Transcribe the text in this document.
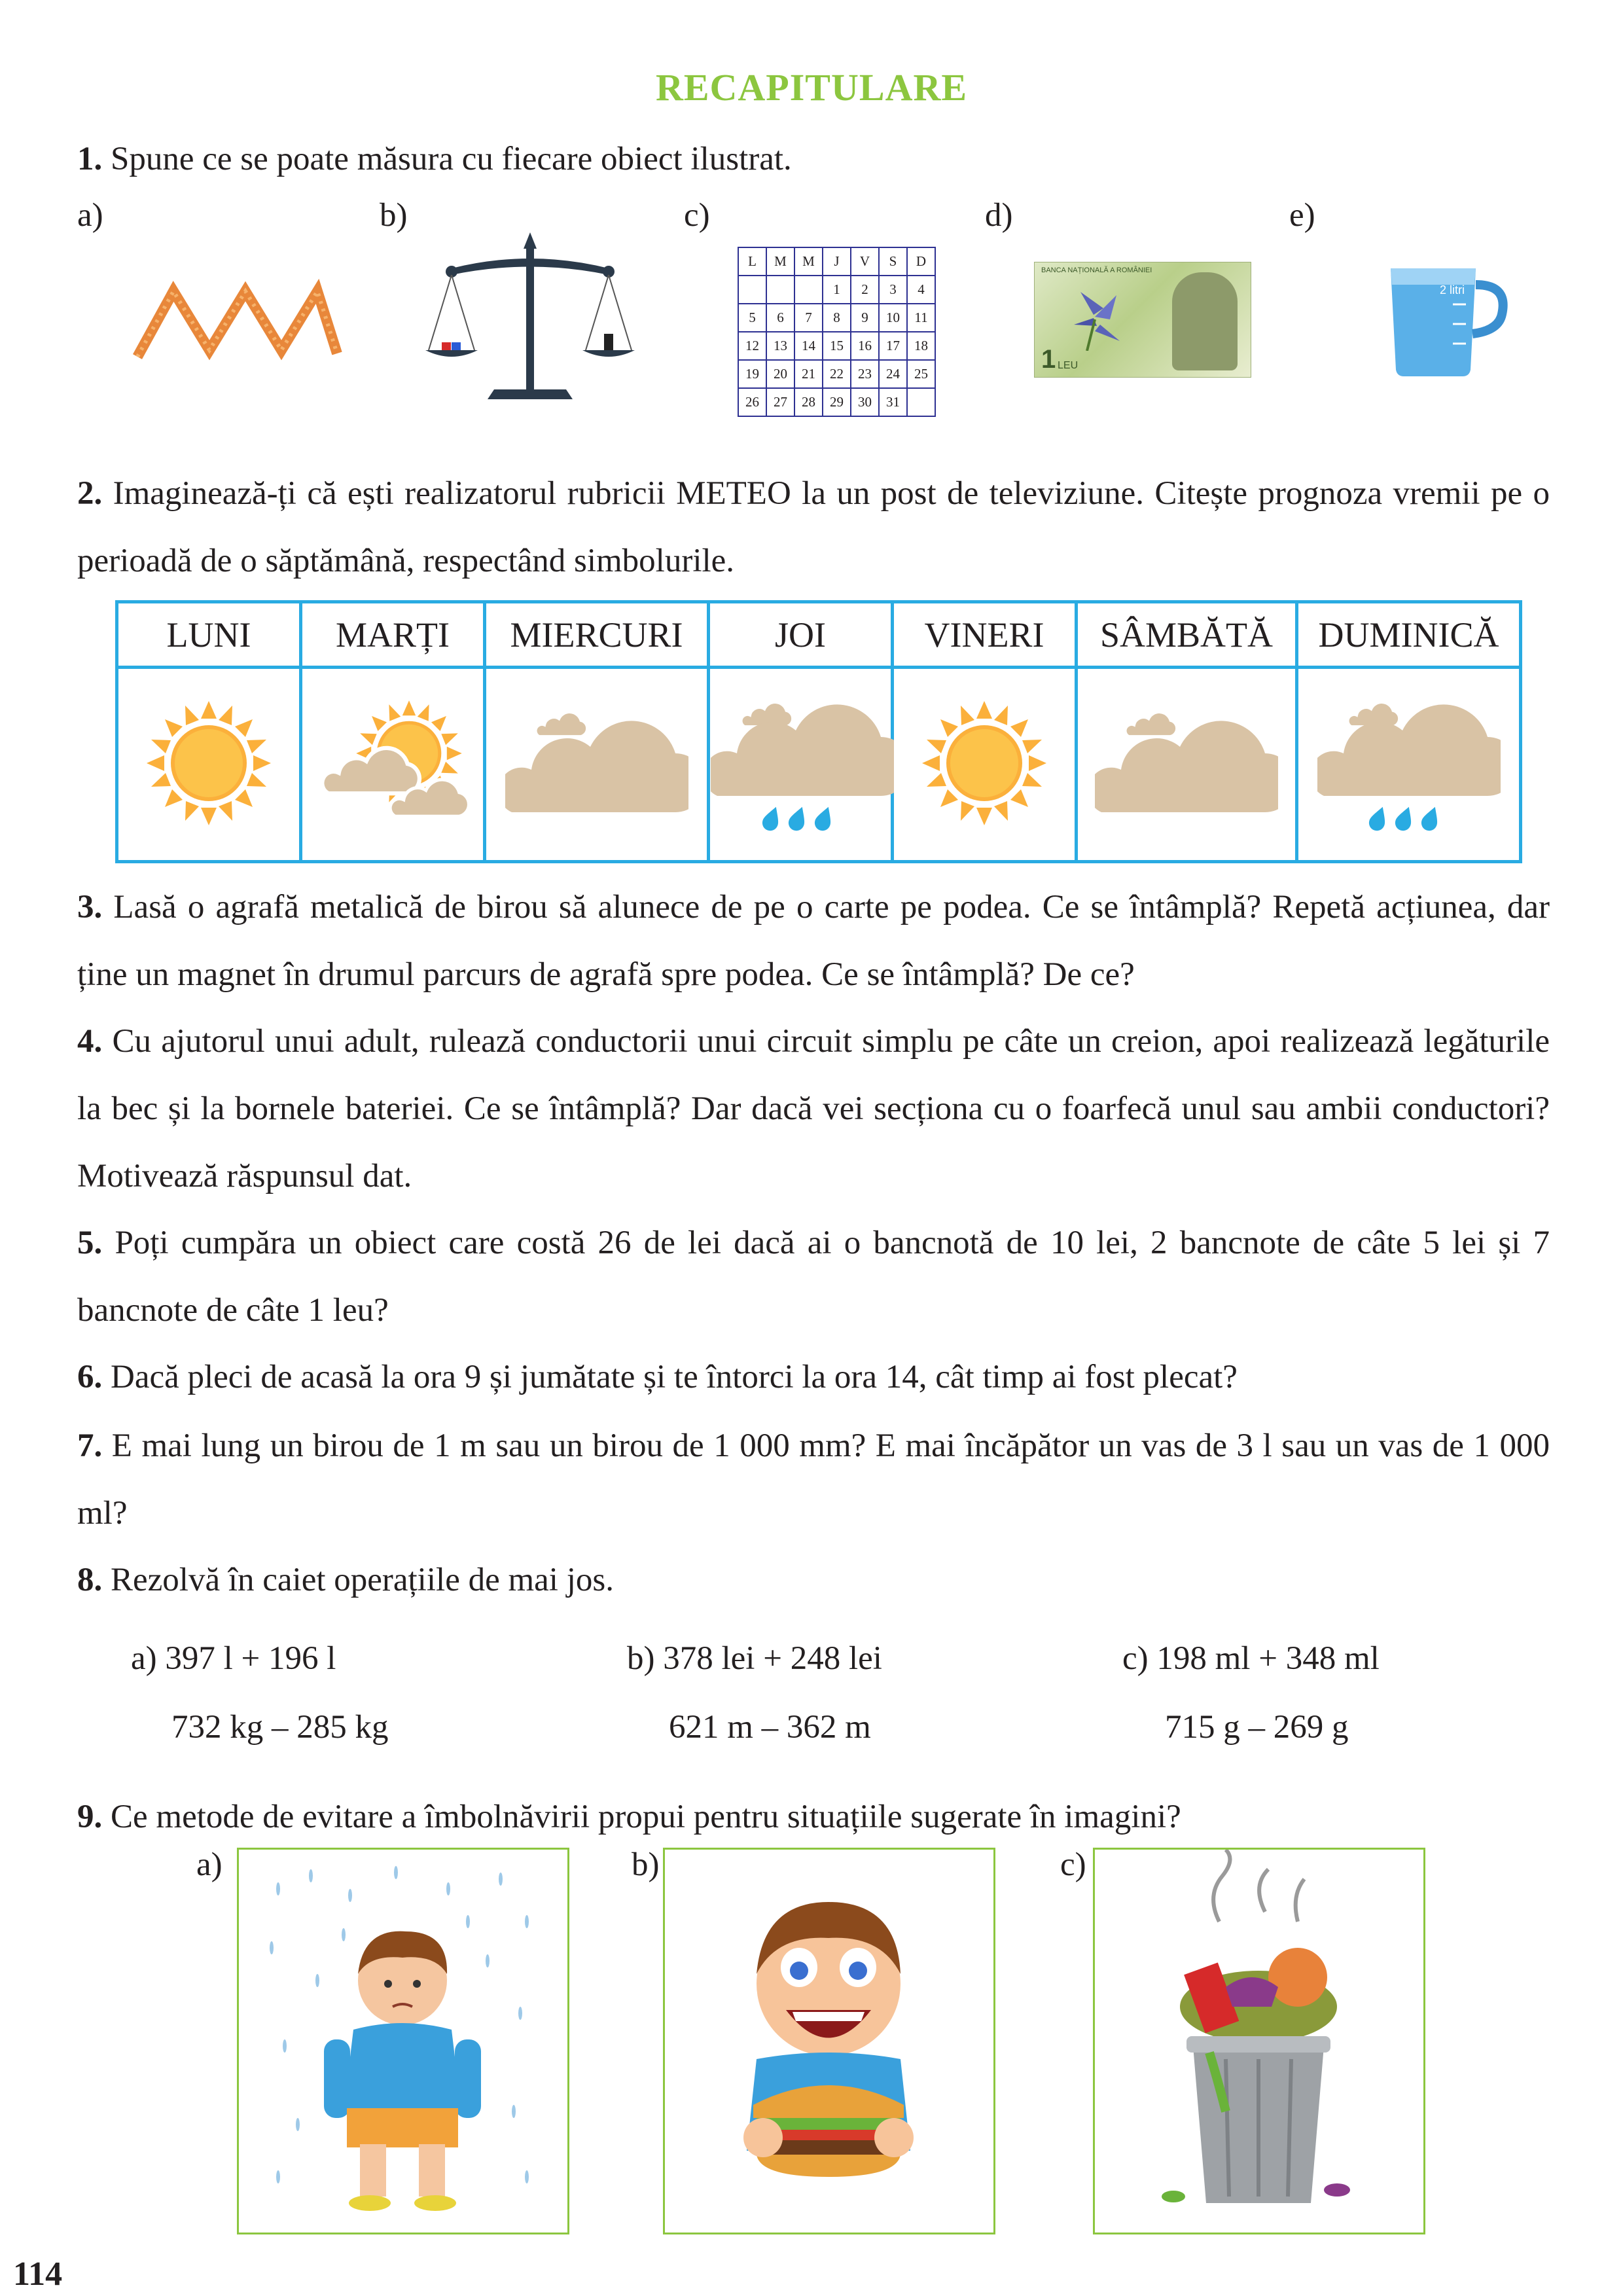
RECAPITULARE
1. Spune ce se poate măsura cu fiecare obiect ilustrat.
a)	b)	c)	d)	e)
L	M	M	J	V	S	D
			1	2	3	4
5	6	7	8	9	10	11
12	13	14	15	16	17	18
19	20	21	22	23	24	25
26	27	28	29	30	31	
BANCA NAȚIONALĂ A ROMÂNIEI
1 LEU
2 litri
2. Imaginează-ți că ești realizatorul rubricii METEO la un post de televiziune. Citește prognoza vremii pe o perioadă de o săptămână, respectând simbolurile.
LUNI	MARȚI	MIERCURI	JOI	VINERI	SÂMBĂTĂ	DUMINICĂ

3. Lasă o agrafă metalică de birou să alunece de pe o carte pe podea. Ce se întâmplă? Repetă acțiunea, dar ține un magnet în drumul parcurs de agrafă spre podea. Ce se întâmplă? De ce?
4. Cu ajutorul unui adult, rulează conductorii unui circuit simplu pe câte un creion, apoi realizează legăturile la bec și la bornele bateriei. Ce se întâmplă? Dar dacă vei secționa cu o foarfecă unul sau ambii conductori? Motivează răspunsul dat.
5. Poți cumpăra un obiect care costă 26 de lei dacă ai o bancnotă de 10 lei, 2 bancnote de câte 5 lei și 7 bancnote de câte 1 leu?
6. Dacă pleci de acasă la ora 9 și jumătate și te întorci la ora 14, cât timp ai fost plecat?
7. E mai lung un birou de 1 m sau un birou de 1 000 mm? E mai încăpător un vas de 3 l sau un vas de 1 000 ml?
8. Rezolvă în caiet operațiile de mai jos.
a) 397 l + 196 l	b) 378 lei + 248 lei	c) 198 ml + 348 ml
732 kg – 285 kg	621 m – 362 m	715 g – 269 g
9. Ce metode de evitare a îmbolnăvirii propui pentru situațiile sugerate în imagini?
a)	b)	c)
114
